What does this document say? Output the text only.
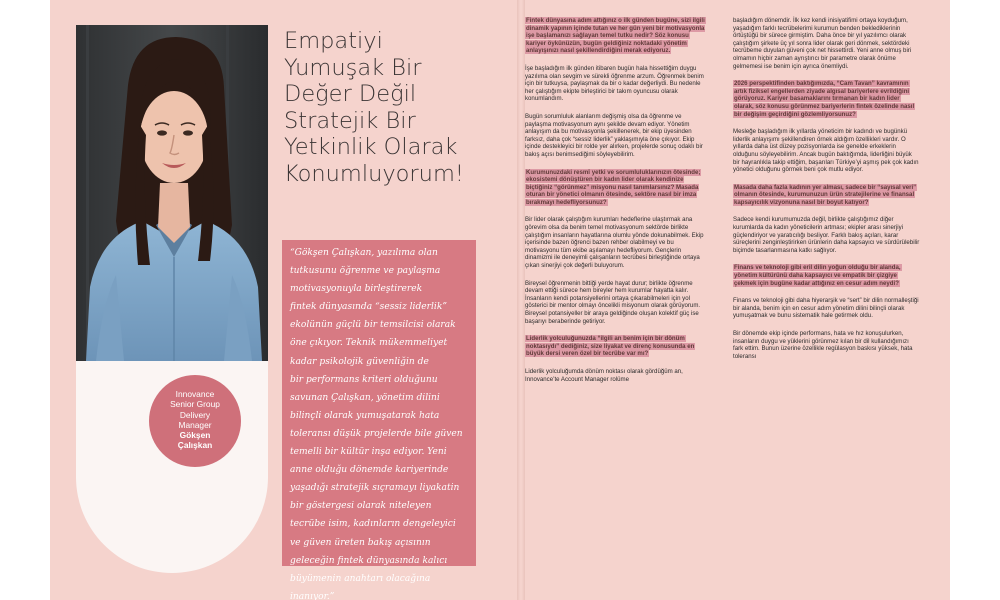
Innovance
Senior Group
Delivery
Manager
Gökşen
Çalışkan
Empatiyi
Yumuşak Bir
Değer Değil
Stratejik Bir
Yetkinlik Olarak
Konumluyorum!
“Gökşen Çalışkan, yazılıma olan
tutkusunu öğrenme ve paylaşma
motivasyonuyla birleştirerek
fintek dünyasında “sessiz liderlik”
ekolünün güçlü bir temsilcisi olarak
öne çıkıyor. Teknik mükemmeliyet
kadar psikolojik güvenliğin de
bir performans kriteri olduğunu
savunan Çalışkan, yönetim dilini
bilinçli olarak yumuşatarak hata
toleransı düşük projelerde bile güven
temelli bir kültür inşa ediyor. Yeni
anne olduğu dönemde kariyerinde
yaşadığı stratejik sıçramayı liyakatin
bir göstergesi olarak niteleyen
tecrübe isim, kadınların dengeleyici
ve güven üreten bakış açısının
geleceğin fintek dünyasında kalıcı
büyümenin anahtarı olacağına
inanıyor.”

Fintek dünyasına adım attığınız o ilk günden bugüne, sizi ilgili dinamik yapının içinde tutan ve her gün yeni bir motivasyonla işe başlamanızı sağlayan temel tutku nedir? Söz konusu kariyer öykünüzün, bugün geldiğiniz noktadaki yönetim anlayışınızı nasıl şekillendirdiğini merak ediyoruz.

İşe başladığım ilk günden itibaren bugün hala hissettiğim duygu yazılıma olan sevgim ve sürekli öğrenme arzum. Öğrenmek benim için bir tutkuysa, paylaşmak da bir o kadar değerliydi. Bu nedenle her çalıştığım ekipte birleştirici bir takım oyuncusu olarak konumlandım.

Bugün sorumluluk alanlarım değişmiş olsa da öğrenme ve paylaşma motivasyonum aynı şekilde devam ediyor. Yönetim anlayışım da bu motivasyonla şekillenerek, bir ekip üyesinden farksız, daha çok “sessiz liderlik” yaklaşımıyla öne çıkıyor. Ekip içinde destekleyici bir rolde yer alırken, projelerde sonuç odaklı bir bakış açısı benimsediğimi söyleyebilirim.

Kurumunuzdaki resmî yetki ve sorumluluklarınızın ötesinde; ekosistemi dönüştüren bir kadın lider olarak kendinize biçtiğiniz “görünmez” misyonu nasıl tanımlarsınız? Masada oturan bir yönetici olmanın ötesinde, sektöre nasıl bir imza bırakmayı hedefliyorsunuz?

Bir lider olarak çalıştığım kurumları hedeflerine ulaştırmak ana görevim olsa da benim temel motivasyonum sektörde birlikte çalıştığım insanların hayatlarına olumlu yönde dokunabilmek. Ekip içerisinde bazen öğrenci bazen rehber olabilmeyi ve bu motivasyonu tüm ekibe aşılamayı hedefliyorum. Gençlerin dinamizmi ile deneyimli çalışanların tecrübesi birleştiğinde ortaya çıkan sinerjiyi çok değerli buluyorum.

Bireysel öğrenmenin bittiği yerde hayat durur; birlikte öğrenme devam ettiği sürece hem bireyler hem kurumlar hayatta kalır. İnsanların kendi potansiyellerini ortaya çıkarabilmeleri için yol gösterici bir mentor olmayı öncelikli misyonum olarak görüyorum. Bireysel potansiyeller bir araya geldiğinde oluşan kolektif güç ise başarıyı beraberinde getiriyor.

Liderlik yolculuğunuzda “ilgili an benim için bir dönüm noktasıydı” dediğiniz, size liyakat ve direnç konusunda en büyük dersi veren özel bir tecrübe var mı?

Liderlik yolculuğumda dönüm noktası olarak gördüğüm an, Innovance’te Account Manager rolüme

başladığım dönemdir. İlk kez kendi inisiyatifimi ortaya koyduğum, yaşadığım farklı tecrübelerimi kurumun benden beklediklerinin örtüştüğü bir sürece girmiştim. Daha önce bir yıl yazılımcı olarak çalıştığım şirkete üç yıl sonra lider olarak geri dönmek, sektördeki tecrübeme duyulan güveni çok net hissettirdi. Yeni anne olmuş biri olmamın hiçbir zaman ayrıştırıcı bir parametre olarak önüme gelmemesi ise benim için ayrıca önemliydi.

2026 perspektifinden baktığımızda, “Cam Tavan” kavramının artık fiziksel engellerden ziyade algısal bariyerlere evrildiğini görüyoruz. Kariyer basamaklarını tırmanan bir kadın lider olarak, söz konusu görünmez bariyerlerin fintek özelinde nasıl bir değişim geçirdiğini gözlemliyorsunuz?

Mesleğe başladığım ilk yıllarda yöneticim bir kadındı ve bugünkü liderlik anlayışımı şekillendiren örnek aldığım özellikleri vardır. O yıllarda daha üst düzey pozisyonlarda ise genelde erkeklerin olduğunu söyleyebilirim. Ancak bugün baktığımda, liderliğini büyük bir hayranlıkla takip ettiğim, başarıları Türkiye’yi aşmış pek çok kadın yönetici olduğunu görmek beni çok mutlu ediyor.

Masada daha fazla kadının yer alması, sadece bir “sayısal veri” olmanın ötesinde, kurumunuzun ürün stratejilerine ve finansal kapsayıcılık vizyonuna nasıl bir boyut katıyor?

Sadece kendi kurumumuzda değil, birlikte çalıştığımız diğer kurumlarda da kadın yöneticilerin artması; ekipler arası sinerjiyi güçlendiriyor ve yaratıcılığı besliyor. Farklı bakış açıları, karar süreçlerini zenginleştirirken ürünlerin daha kapsayıcı ve sürdürülebilir biçimde tasarlanmasına katkı sağlıyor.

Finans ve teknoloji gibi eril dilin yoğun olduğu bir alanda, yönetim kültürünü daha kapsayıcı ve empatik bir çizgiye çekmek için bugüne kadar attığınız en cesur adım neydi?

Finans ve teknoloji gibi daha hiyerarşik ve “sert” bir dilin normalleştiği bir alanda, benim için en cesur adım yönetim dilini bilinçli olarak yumuşatmak ve bunu sistematik hale getirmek oldu.

Bir dönemde ekip içinde performans, hata ve hız konuşulurken, insanların duygu ve yüklerini görünmez kılan bir dil kullandığımızı fark ettim. Bunun üzerine özellikle regülasyon baskısı yüksek, hata toleransı
